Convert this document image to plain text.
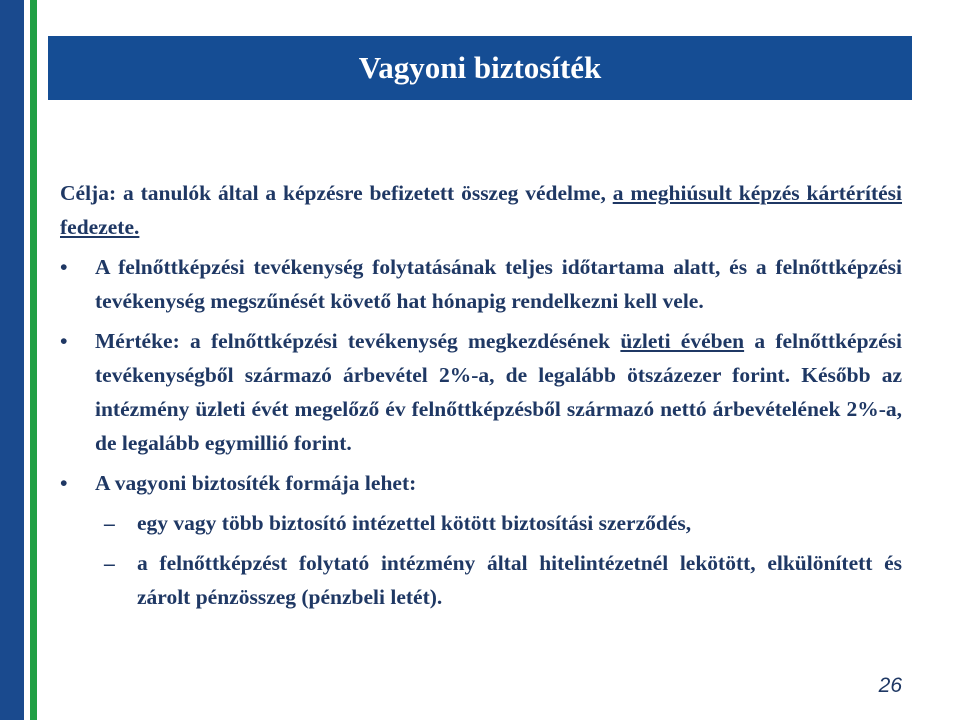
Vagyoni biztosíték

Célja: a tanulók által a képzésre befizetett összeg védelme, a meghiúsult képzés kártérítési fedezete.

• A felnőttképzési tevékenység folytatásának teljes időtartama alatt, és a felnőttképzési tevékenység megszűnését követő hat hónapig rendelkezni kell vele.
• Mértéke: a felnőttképzési tevékenység megkezdésének üzleti évében a felnőttképzési tevékenységből származó árbevétel 2%-a, de legalább ötszázezer forint. Később az intézmény üzleti évét megelőző év felnőttképzésből származó nettó árbevételének 2%-a, de legalább egymillió forint.
• A vagyoni biztosíték formája lehet:
– egy vagy több biztosító intézettel kötött biztosítási szerződés,
– a felnőttképzést folytató intézmény által hitelintézetnél lekötött, elkülönített és zárolt pénzösszeg (pénzbeli letét).
26
